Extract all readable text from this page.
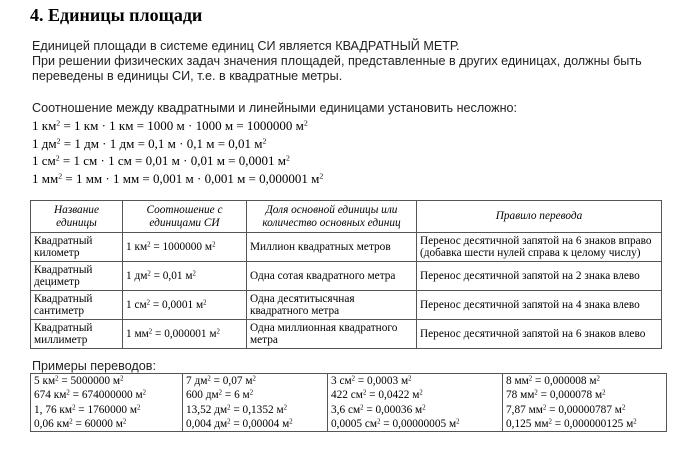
4. Единицы площади
Единицей площади в системе единиц СИ является КВАДРАТНЫЙ МЕТР.
При решении физических задач значения площадей, представленные в других единицах, должны быть
переведены в единицы СИ, т.е. в квадратные метры.
Соотношение между квадратными и линейными единицами установить несложно:
1 $км^2 = 1$ км · 1 км = 1000 м · 1000 м = 1000000 $м^2$
1 $дм^2 = 1$ дм · 1 дм = 0,1 м · 0,1 м = 0,01 $м^2$
1 $см^2 = 1$ см · 1 см = 0,01 м · 0,01 м = 0,0001 $м^2$
1 $мм^2 = 1$ мм · 1 мм = 0,001 м · 0,001 м = 0,000001 $м^2$
Название единицы	Соотношение с единицами СИ	Доля основной единицы или количество основных единиц	Правило перевода
Квадратный километр	1 $км^2 = 1000000$ $м^2$	Миллион квадратных метров	Перенос десятичной запятой на 6 знаков вправо (добавка шести нулей справа к целому числу)
Квадратный дециметр	1 $дм^2 = 0,01$ $м^2$	Одна сотая квадратного метра	Перенос десятичной запятой на 2 знака влево
Квадратный сантиметр	1 $см^2 = 0,0001$ $м^2$	Одна десятитысячная квадратного метра	Перенос десятичной запятой на 4 знака влево
Квадратный миллиметр	1 $мм^2 = 0,000001$ $м^2$	Одна миллионная квадратного метра	Перенос десятичной запятой на 6 знаков влево
Примеры переводов:
5 $км^2 = 5000000$ $м^2$
674 $км^2 = 674000000$ $м^2$
1, 76 $км^2 = 1760000$ $м^2$
0,06 $км^2 = 60000$ $м^2$

7 $дм^2 = 0,07$ $м^2$
600 $дм^2 = 6$ $м^2$
13,52 $дм^2 = 0,1352$ $м^2$
0,004 $дм^2 = 0,00004$ $м^2$

3 $см^2 = 0,0003$ $м^2$
422 $см^2 = 0,0422$ $м^2$
3,6 $см^2 = 0,00036$ $м^2$
0,0005 $см^2 = 0,00000005$ $м^2$

8 $мм^2 = 0,000008$ $м^2$
78 $мм^2 = 0,000078$ $м^2$
7,87 $мм^2 = 0,00000787$ $м^2$
0,125 $мм^2 = 0,000000125$ $м^2$
